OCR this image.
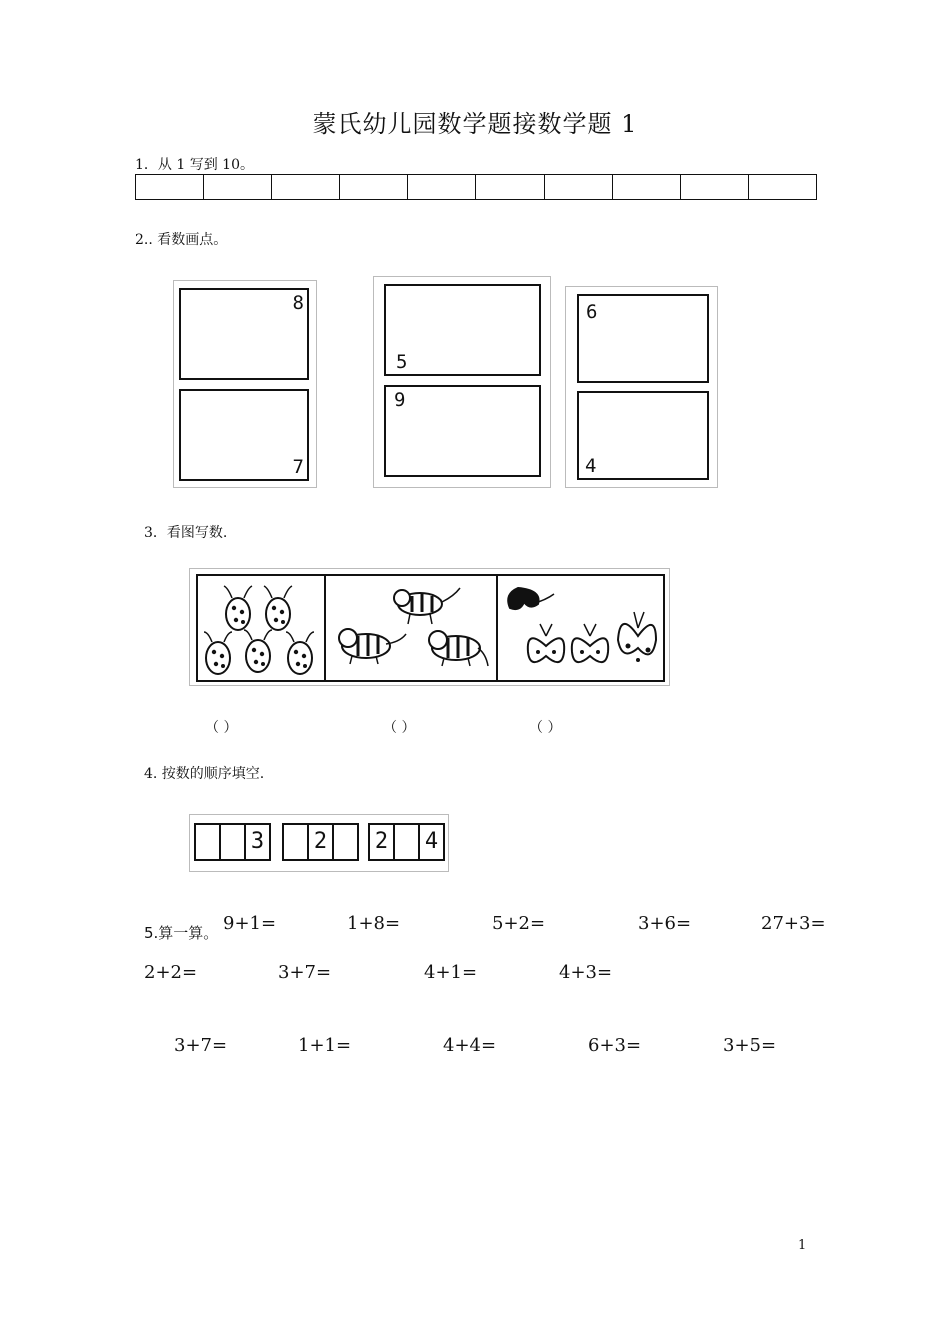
蒙氏幼儿园数学题接数学题 1
1．从 1 写到 10。
2.. 看数画点。
8
7
5
9
6
4
3．看图写数.
（ ）	（ ）	（ ）
4. 按数的顺序填空.
3 2	2	4
5.算一算。 9+1=	1+8=	5+2=	3+6=	27+3=
2+2=	3+7=	4+1=	4+3=
3+7=	1+1=	4+4=	6+3=	3+5=
1
